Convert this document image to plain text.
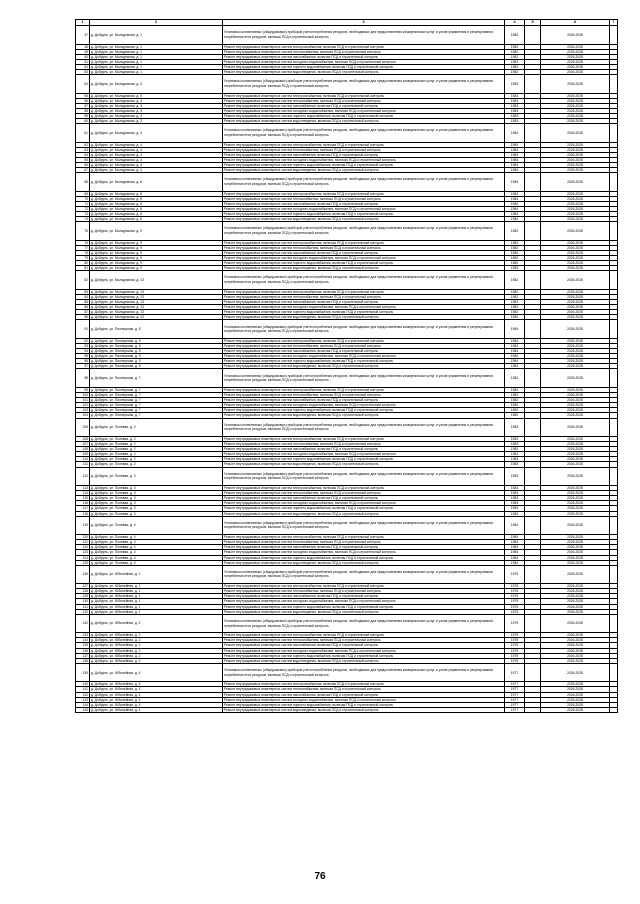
1	2	3	4	5	6	7
47	д. Добрунь, ул. Молодежная, д. 1	Установка коллективных (общедомовых) приборов учета потребления ресурсов, необходимых для предоставления коммунальных услуг, и узлов управления и регулирования потребления этих ресурсов, включая ПСД и строительный контроль	1982		2026-2028	
48	д. Добрунь, ул. Молодежная, д. 1	Ремонт внутридомовых инженерных систем электроснабжения, включая ПСД и строительный контроль	1982		2026-2028	
49	д. Добрунь, ул. Молодежная, д. 1	Ремонт внутридомовых инженерных систем теплоснабжения, включая ПСД и строительный контроль	1982		2026-2028	
50	д. Добрунь, ул. Молодежная, д. 1	Ремонт внутридомовых инженерных систем газоснабжения, включая ПСД и строительный контроль	1982		2026-2028	
51	д. Добрунь, ул. Молодежная, д. 1	Ремонт внутридомовых инженерных систем холодного водоснабжения, включая ПСД и строительный контроль	1982		2026-2028	
52	д. Добрунь, ул. Молодежная, д. 1	Ремонт внутридомовых инженерных систем горячего водоснабжения, включая ПСД и строительный контроль	1982		2026-2028	
53	д. Добрунь, ул. Молодежная, д. 1	Ремонт внутридомовых инженерных систем водоотведения, включая ПСД и строительный контроль	1982		2026-2028	
54	д. Добрунь, ул. Молодежная, д. 3	Установка коллективных (общедомовых) приборов учета потребления ресурсов, необходимых для предоставления коммунальных услуг, и узлов управления и регулирования потребления этих ресурсов, включая ПСД и строительный контроль	1983		2026-2028	
55	д. Добрунь, ул. Молодежная, д. 3	Ремонт внутридомовых инженерных систем электроснабжения, включая ПСД и строительный контроль	1983		2026-2028	
56	д. Добрунь, ул. Молодежная, д. 3	Ремонт внутридомовых инженерных систем теплоснабжения, включая ПСД и строительный контроль	1983		2026-2028	
57	д. Добрунь, ул. Молодежная, д. 3	Ремонт внутридомовых инженерных систем газоснабжения, включая ПСД и строительный контроль	1983		2026-2028	
58	д. Добрунь, ул. Молодежная, д. 3	Ремонт внутридомовых инженерных систем холодного водоснабжения, включая ПСД и строительный контроль	1983		2026-2028	
59	д. Добрунь, ул. Молодежная, д. 3	Ремонт внутридомовых инженерных систем горячего водоснабжения, включая ПСД и строительный контроль	1983		2026-2028	
60	д. Добрунь, ул. Молодежная, д. 3	Ремонт внутридомовых инженерных систем водоотведения, включая ПСД и строительный контроль	1983		2026-2028	
61	д. Добрунь, ул. Молодежная, д. 4	Установка коллективных (общедомовых) приборов учета потребления ресурсов, необходимых для предоставления коммунальных услуг, и узлов управления и регулирования потребления этих ресурсов, включая ПСД и строительный контроль	1984		2026-2028	
62	д. Добрунь, ул. Молодежная, д. 4	Ремонт внутридомовых инженерных систем электроснабжения, включая ПСД и строительный контроль	1984		2026-2028	
63	д. Добрунь, ул. Молодежная, д. 4	Ремонт внутридомовых инженерных систем теплоснабжения, включая ПСД и строительный контроль	1984		2026-2028	
64	д. Добрунь, ул. Молодежная, д. 4	Ремонт внутридомовых инженерных систем газоснабжения, включая ПСД и строительный контроль	1984		2026-2028	
65	д. Добрунь, ул. Молодежная, д. 4	Ремонт внутридомовых инженерных систем холодного водоснабжения, включая ПСД и строительный контроль	1984		2026-2028	
66	д. Добрунь, ул. Молодежная, д. 4	Ремонт внутридомовых инженерных систем горячего водоснабжения, включая ПСД и строительный контроль	1984		2026-2028	
67	д. Добрунь, ул. Молодежная, д. 4	Ремонт внутридомовых инженерных систем водоотведения, включая ПСД и строительный контроль	1984		2026-2028	
68	д. Добрунь, ул. Молодежная, д. 6	Установка коллективных (общедомовых) приборов учета потребления ресурсов, необходимых для предоставления коммунальных услуг, и узлов управления и регулирования потребления этих ресурсов, включая ПСД и строительный контроль	1984		2026-2028	
69	д. Добрунь, ул. Молодежная, д. 6	Ремонт внутридомовых инженерных систем электроснабжения, включая ПСД и строительный контроль	1984		2026-2028	
70	д. Добрунь, ул. Молодежная, д. 6	Ремонт внутридомовых инженерных систем теплоснабжения, включая ПСД и строительный контроль	1984		2026-2028	
71	д. Добрунь, ул. Молодежная, д. 6	Ремонт внутридомовых инженерных систем газоснабжения, включая ПСД и строительный контроль	1984		2026-2028	
72	д. Добрунь, ул. Молодежная, д. 6	Ремонт внутридомовых инженерных систем холодного водоснабжения, включая ПСД и строительный контроль	1984		2026-2028	
73	д. Добрунь, ул. Молодежная, д. 6	Ремонт внутридомовых инженерных систем горячего водоснабжения, включая ПСД и строительный контроль	1984		2026-2028	
74	д. Добрунь, ул. Молодежная, д. 6	Ремонт внутридомовых инженерных систем водоотведения, включая ПСД и строительный контроль	1984		2026-2028	
75	д. Добрунь, ул. Молодежная, д. 9	Установка коллективных (общедомовых) приборов учета потребления ресурсов, необходимых для предоставления коммунальных услуг, и узлов управления и регулирования потребления этих ресурсов, включая ПСД и строительный контроль	1982		2026-2028	
76	д. Добрунь, ул. Молодежная, д. 9	Ремонт внутридомовых инженерных систем электроснабжения, включая ПСД и строительный контроль	1982		2026-2028	
77	д. Добрунь, ул. Молодежная, д. 9	Ремонт внутридомовых инженерных систем теплоснабжения, включая ПСД и строительный контроль	1982		2026-2028	
78	д. Добрунь, ул. Молодежная, д. 9	Ремонт внутридомовых инженерных систем газоснабжения, включая ПСД и строительный контроль	1982		2026-2028	
79	д. Добрунь, ул. Молодежная, д. 9	Ремонт внутридомовых инженерных систем холодного водоснабжения, включая ПСД и строительный контроль	1982		2026-2028	
80	д. Добрунь, ул. Молодежная, д. 9	Ремонт внутридомовых инженерных систем горячего водоснабжения, включая ПСД и строительный контроль	1982		2026-2028	
81	д. Добрунь, ул. Молодежная, д. 9	Ремонт внутридомовых инженерных систем водоотведения, включая ПСД и строительный контроль	1982		2026-2028	
82	д. Добрунь, ул. Молодежная, д. 13	Установка коллективных (общедомовых) приборов учета потребления ресурсов, необходимых для предоставления коммунальных услуг, и узлов управления и регулирования потребления этих ресурсов, включая ПСД и строительный контроль	1982		2026-2028	
83	д. Добрунь, ул. Молодежная, д. 13	Ремонт внутридомовых инженерных систем электроснабжения, включая ПСД и строительный контроль	1982		2026-2028	
84	д. Добрунь, ул. Молодежная, д. 13	Ремонт внутридомовых инженерных систем теплоснабжения, включая ПСД и строительный контроль	1982		2026-2028	
85	д. Добрунь, ул. Молодежная, д. 13	Ремонт внутридомовых инженерных систем газоснабжения, включая ПСД и строительный контроль	1982		2026-2028	
86	д. Добрунь, ул. Молодежная, д. 13	Ремонт внутридомовых инженерных систем холодного водоснабжения, включая ПСД и строительный контроль	1982		2026-2028	
87	д. Добрунь, ул. Молодежная, д. 13	Ремонт внутридомовых инженерных систем горячего водоснабжения, включая ПСД и строительный контроль	1982		2026-2028	
88	д. Добрунь, ул. Молодежная, д. 13	Ремонт внутридомовых инженерных систем водоотведения, включая ПСД и строительный контроль	1982		2026-2028	
91	д. Добрунь, ул. Пионерская, д. 5	Установка коллективных (общедомовых) приборов учета потребления ресурсов, необходимых для предоставления коммунальных услуг, и узлов управления и регулирования потребления этих ресурсов, включая ПСД и строительный контроль	1984		2026-2028	
92	д. Добрунь, ул. Пионерская, д. 5	Ремонт внутридомовых инженерных систем электроснабжения, включая ПСД и строительный контроль	1984		2026-2028	
93	д. Добрунь, ул. Пионерская, д. 5	Ремонт внутридомовых инженерных систем теплоснабжения, включая ПСД и строительный контроль	1984		2026-2028	
94	д. Добрунь, ул. Пионерская, д. 5	Ремонт внутридомовых инженерных систем газоснабжения, включая ПСД и строительный контроль	1984		2026-2028	
95	д. Добрунь, ул. Пионерская, д. 5	Ремонт внутридомовых инженерных систем холодного водоснабжения, включая ПСД и строительный контроль	1984		2026-2028	
96	д. Добрунь, ул. Пионерская, д. 5	Ремонт внутридомовых инженерных систем горячего водоснабжения, включая ПСД и строительный контроль	1984		2026-2028	
97	д. Добрунь, ул. Пионерская, д. 5	Ремонт внутридомовых инженерных систем водоотведения, включая ПСД и строительный контроль	1984		2026-2028	
98	д. Добрунь, ул. Пионерская, д. 7	Установка коллективных (общедомовых) приборов учета потребления ресурсов, необходимых для предоставления коммунальных услуг, и узлов управления и регулирования потребления этих ресурсов, включая ПСД и строительный контроль	1982		2026-2028	
99	д. Добрунь, ул. Пионерская, д. 7	Ремонт внутридомовых инженерных систем электроснабжения, включая ПСД и строительный контроль	1982		2026-2028	
100	д. Добрунь, ул. Пионерская, д. 7	Ремонт внутридомовых инженерных систем теплоснабжения, включая ПСД и строительный контроль	1982		2026-2028	
101	д. Добрунь, ул. Пионерская, д. 7	Ремонт внутридомовых инженерных систем газоснабжения, включая ПСД и строительный контроль	1982		2026-2028	
102	д. Добрунь, ул. Пионерская, д. 7	Ремонт внутридомовых инженерных систем холодного водоснабжения, включая ПСД и строительный контроль	1982		2026-2028	
103	д. Добрунь, ул. Пионерская, д. 7	Ремонт внутридомовых инженерных систем горячего водоснабжения, включая ПСД и строительный контроль	1982		2026-2028	
104	д. Добрунь, ул. Пионерская, д. 7	Ремонт внутридомовых инженерных систем водоотведения, включая ПСД и строительный контроль	1982		2026-2028	
105	д. Добрунь, ул. Полевая, д. 2	Установка коллективных (общедомовых) приборов учета потребления ресурсов, необходимых для предоставления коммунальных услуг, и узлов управления и регулирования потребления этих ресурсов, включая ПСД и строительный контроль	1983		2026-2028	
106	д. Добрунь, ул. Полевая, д. 2	Ремонт внутридомовых инженерных систем электроснабжения, включая ПСД и строительный контроль	1983		2026-2028	
107	д. Добрунь, ул. Полевая, д. 2	Ремонт внутридомовых инженерных систем теплоснабжения, включая ПСД и строительный контроль	1983		2026-2028	
108	д. Добрунь, ул. Полевая, д. 2	Ремонт внутридомовых инженерных систем газоснабжения, включая ПСД и строительный контроль	1983		2026-2028	
109	д. Добрунь, ул. Полевая, д. 2	Ремонт внутридомовых инженерных систем холодного водоснабжения, включая ПСД и строительный контроль	1983		2026-2028	
110	д. Добрунь, ул. Полевая, д. 2	Ремонт внутридомовых инженерных систем горячего водоснабжения, включая ПСД и строительный контроль	1983		2026-2028	
111	д. Добрунь, ул. Полевая, д. 2	Ремонт внутридомовых инженерных систем водоотведения, включая ПСД и строительный контроль	1983		2026-2028	
112	д. Добрунь, ул. Полевая, д. 3	Установка коллективных (общедомовых) приборов учета потребления ресурсов, необходимых для предоставления коммунальных услуг, и узлов управления и регулирования потребления этих ресурсов, включая ПСД и строительный контроль	1983		2026-2028	
113	д. Добрунь, ул. Полевая, д. 3	Ремонт внутридомовых инженерных систем электроснабжения, включая ПСД и строительный контроль	1983		2026-2028	
114	д. Добрунь, ул. Полевая, д. 3	Ремонт внутридомовых инженерных систем теплоснабжения, включая ПСД и строительный контроль	1983		2026-2028	
115	д. Добрунь, ул. Полевая, д. 3	Ремонт внутридомовых инженерных систем газоснабжения, включая ПСД и строительный контроль	1983		2026-2028	
116	д. Добрунь, ул. Полевая, д. 3	Ремонт внутридомовых инженерных систем холодного водоснабжения, включая ПСД и строительный контроль	1983		2026-2028	
117	д. Добрунь, ул. Полевая, д. 3	Ремонт внутридомовых инженерных систем горячего водоснабжения, включая ПСД и строительный контроль	1983		2026-2028	
118	д. Добрунь, ул. Полевая, д. 3	Ремонт внутридомовых инженерных систем водоотведения, включая ПСД и строительный контроль	1983		2026-2028	
119	д. Добрунь, ул. Полевая, д. 4	Установка коллективных (общедомовых) приборов учета потребления ресурсов, необходимых для предоставления коммунальных услуг, и узлов управления и регулирования потребления этих ресурсов, включая ПСД и строительный контроль	1984		2026-2028	
120	д. Добрунь, ул. Полевая, д. 4	Ремонт внутридомовых инженерных систем электроснабжения, включая ПСД и строительный контроль	1984		2026-2028	
121	д. Добрунь, ул. Полевая, д. 4	Ремонт внутридомовых инженерных систем теплоснабжения, включая ПСД и строительный контроль	1984		2026-2028	
122	д. Добрунь, ул. Полевая, д. 4	Ремонт внутридомовых инженерных систем газоснабжения, включая ПСД и строительный контроль	1984		2026-2028	
123	д. Добрунь, ул. Полевая, д. 4	Ремонт внутридомовых инженерных систем холодного водоснабжения, включая ПСД и строительный контроль	1984		2026-2028	
124	д. Добрунь, ул. Полевая, д. 4	Ремонт внутридомовых инженерных систем горячего водоснабжения, включая ПСД и строительный контроль	1984		2026-2028	
125	д. Добрунь, ул. Полевая, д. 4	Ремонт внутридомовых инженерных систем водоотведения, включая ПСД и строительный контроль	1984		2026-2028	
126	д. Добрунь, ул. Юбилейная, д. 1	Установка коллективных (общедомовых) приборов учета потребления ресурсов, необходимых для предоставления коммунальных услуг, и узлов управления и регулирования потребления этих ресурсов, включая ПСД и строительный контроль	1975		2026-2028	
127	д. Добрунь, ул. Юбилейная, д. 1	Ремонт внутридомовых инженерных систем электроснабжения, включая ПСД и строительный контроль	1975		2026-2028	
128	д. Добрунь, ул. Юбилейная, д. 1	Ремонт внутридомовых инженерных систем теплоснабжения, включая ПСД и строительный контроль	1975		2026-2028	
129	д. Добрунь, ул. Юбилейная, д. 1	Ремонт внутридомовых инженерных систем газоснабжения, включая ПСД и строительный контроль	1975		2026-2028	
130	д. Добрунь, ул. Юбилейная, д. 1	Ремонт внутридомовых инженерных систем холодного водоснабжения, включая ПСД и строительный контроль	1975		2026-2028	
131	д. Добрунь, ул. Юбилейная, д. 1	Ремонт внутридомовых инженерных систем горячего водоснабжения, включая ПСД и строительный контроль	1975		2026-2028	
132	д. Добрунь, ул. Юбилейная, д. 1	Ремонт внутридомовых инженерных систем водоотведения, включая ПСД и строительный контроль	1975		2026-2028	
132	д. Добрунь, ул. Юбилейная, д. 2	Установка коллективных (общедомовых) приборов учета потребления ресурсов, необходимых для предоставления коммунальных услуг, и узлов управления и регулирования потребления этих ресурсов, включая ПСД и строительный контроль	1975		2026-2028	
133	д. Добрунь, ул. Юбилейная, д. 2	Ремонт внутридомовых инженерных систем электроснабжения, включая ПСД и строительный контроль	1975		2026-2028	
134	д. Добрунь, ул. Юбилейная, д. 2	Ремонт внутридомовых инженерных систем теплоснабжения, включая ПСД и строительный контроль	1975		2026-2028	
135	д. Добрунь, ул. Юбилейная, д. 2	Ремонт внутридомовых инженерных систем газоснабжения, включая ПСД и строительный контроль	1975		2026-2028	
136	д. Добрунь, ул. Юбилейная, д. 2	Ремонт внутридомовых инженерных систем холодного водоснабжения, включая ПСД и строительный контроль	1975		2026-2028	
137	д. Добрунь, ул. Юбилейная, д. 2	Ремонт внутридомовых инженерных систем горячего водоснабжения, включая ПСД и строительный контроль	1975		2026-2028	
138	д. Добрунь, ул. Юбилейная, д. 2	Ремонт внутридомовых инженерных систем водоотведения, включая ПСД и строительный контроль	1975		2026-2028	
139	д. Добрунь, ул. Юбилейная, д. 4	Установка коллективных (общедомовых) приборов учета потребления ресурсов, необходимых для предоставления коммунальных услуг, и узлов управления и регулирования потребления этих ресурсов, включая ПСД и строительный контроль	1977		2026-2028	
140	д. Добрунь, ул. Юбилейная, д. 4	Ремонт внутридомовых инженерных систем электроснабжения, включая ПСД и строительный контроль	1977		2026-2028	
141	д. Добрунь, ул. Юбилейная, д. 4	Ремонт внутридомовых инженерных систем теплоснабжения, включая ПСД и строительный контроль	1977		2026-2028	
142	д. Добрунь, ул. Юбилейная, д. 4	Ремонт внутридомовых инженерных систем газоснабжения, включая ПСД и строительный контроль	1977		2026-2028	
143	д. Добрунь, ул. Юбилейная, д. 4	Ремонт внутридомовых инженерных систем холодного водоснабжения, включая ПСД и строительный контроль	1977		2026-2028	
144	д. Добрунь, ул. Юбилейная, д. 4	Ремонт внутридомовых инженерных систем горячего водоснабжения, включая ПСД и строительный контроль	1977		2026-2028	
145	д. Добрунь, ул. Юбилейная, д. 4	Ремонт внутридомовых инженерных систем водоотведения, включая ПСД и строительный контроль	1977		2026-2028	
76
